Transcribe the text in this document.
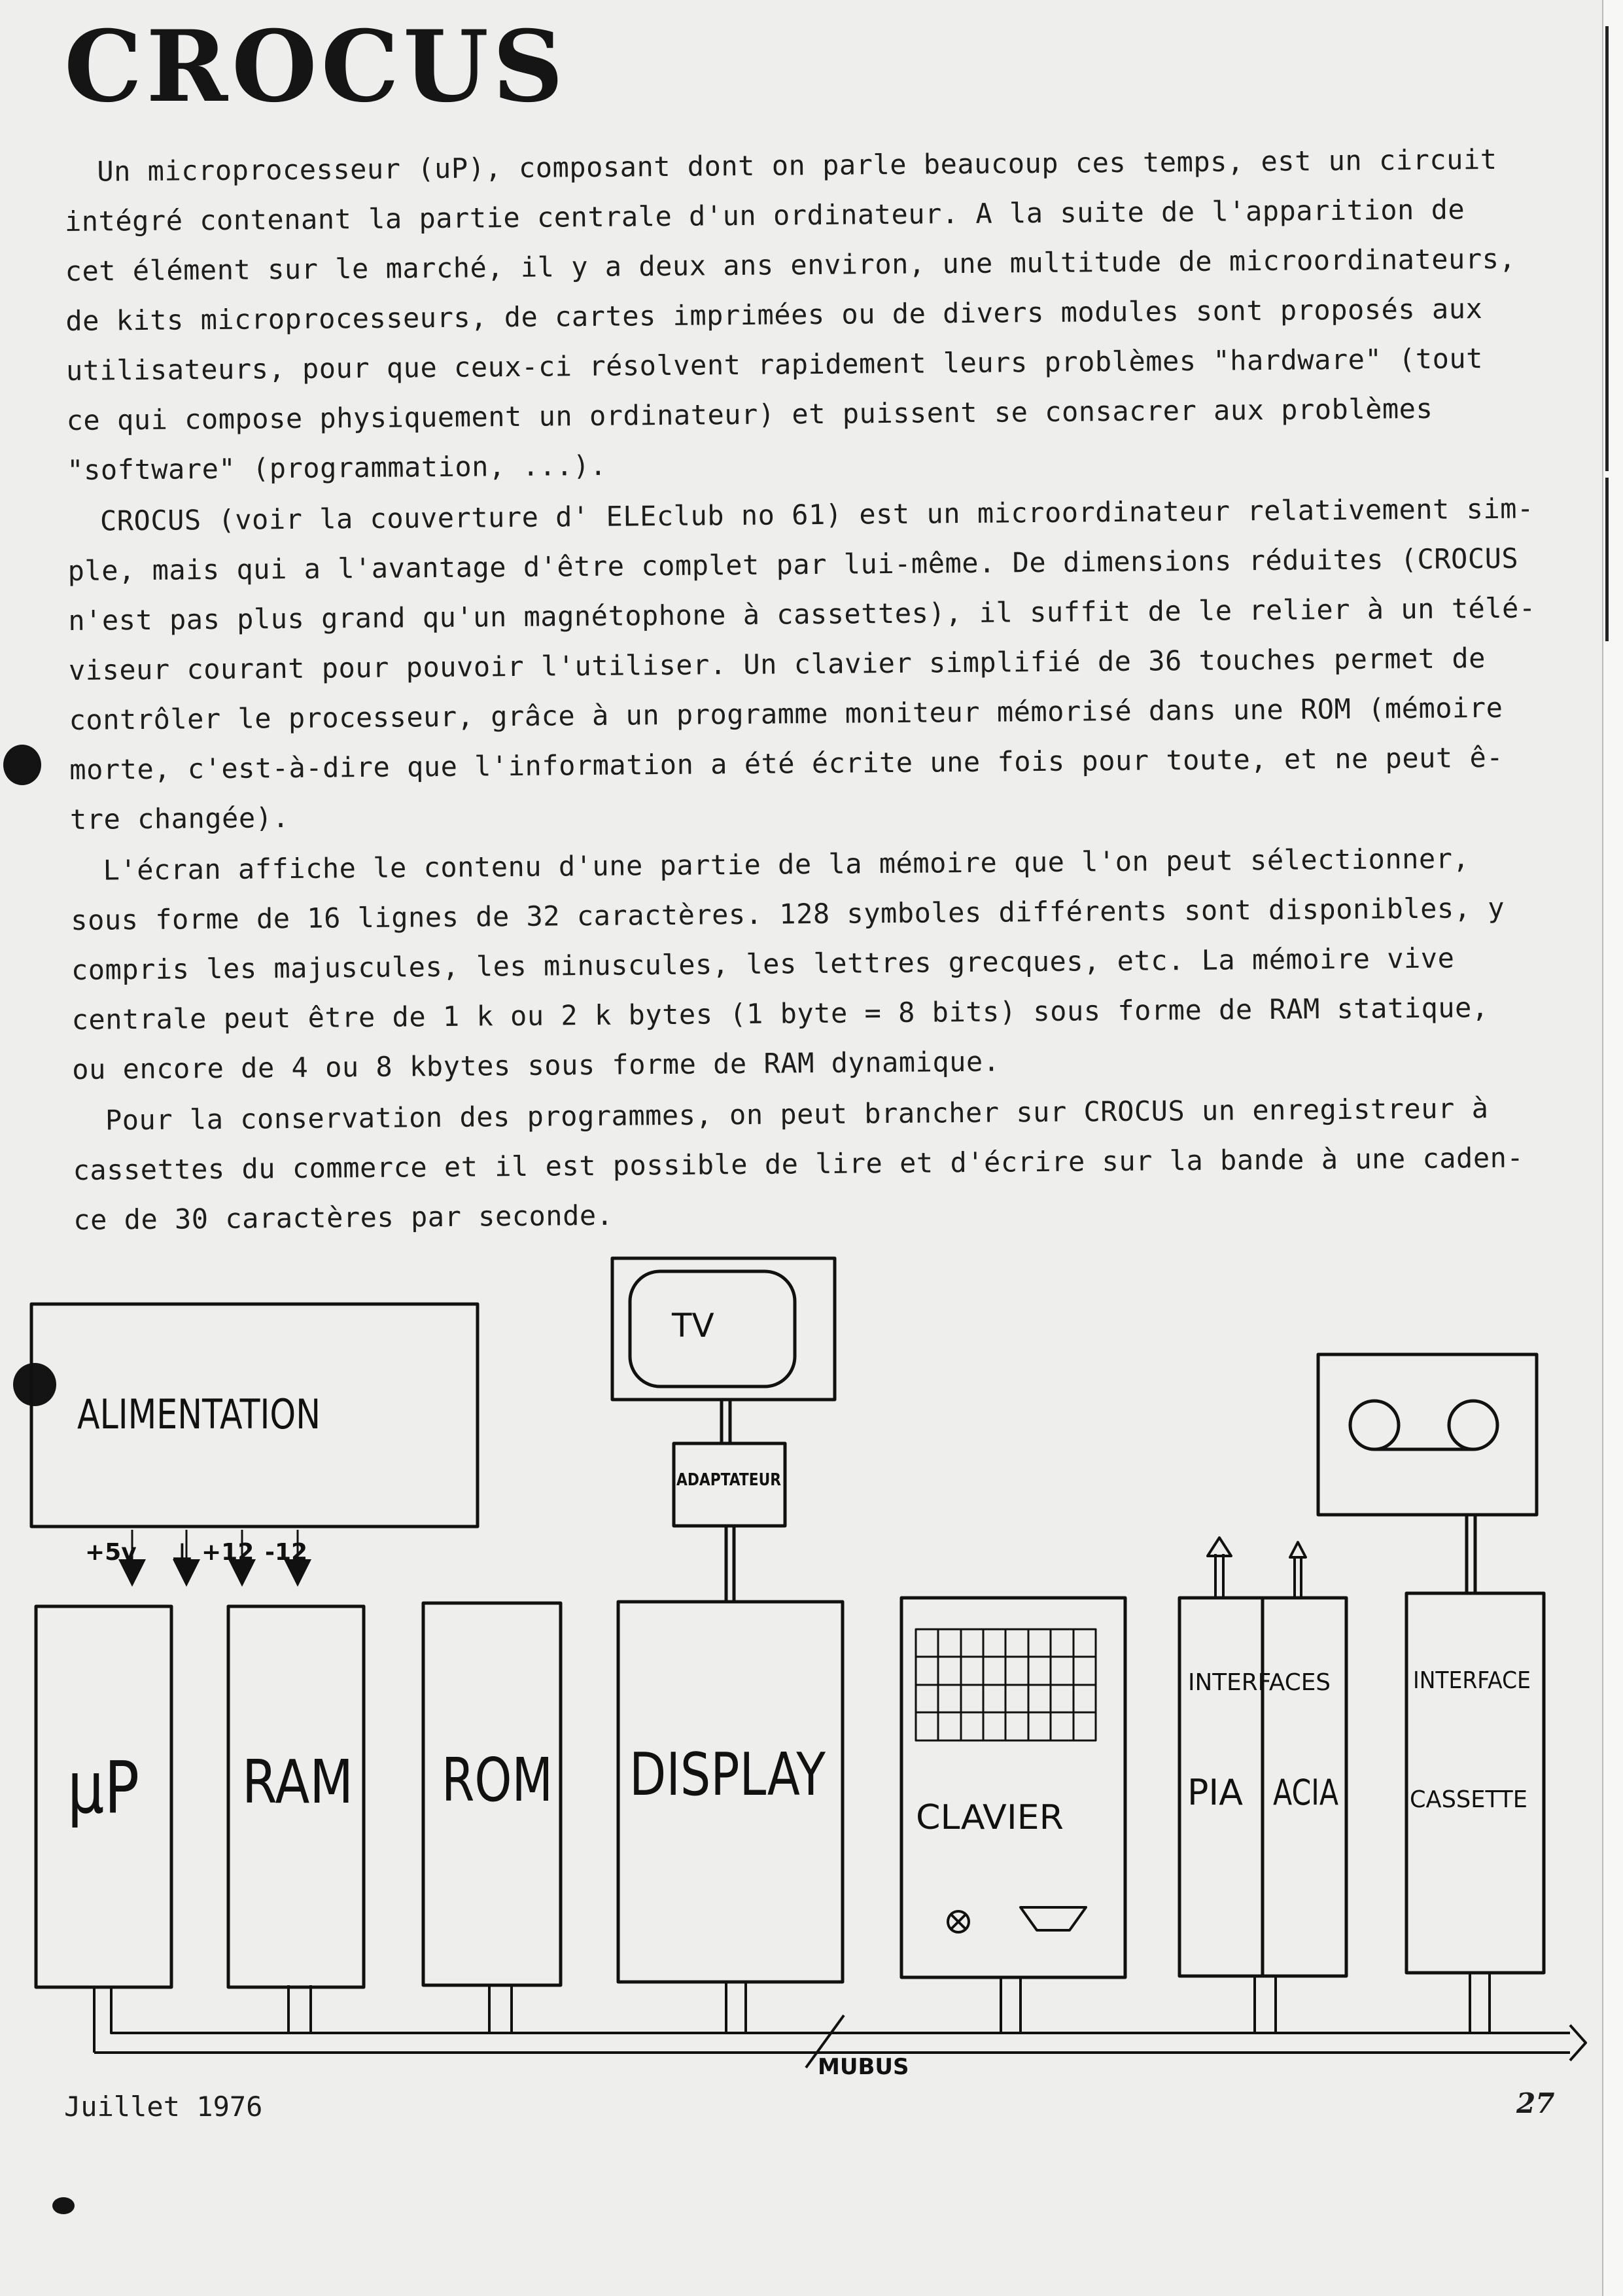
CROCUS
Un microprocesseur (uP), composant dont on parle beaucoup ces temps, est un circuit
intégré contenant la partie centrale d'un ordinateur. A la suite de l'apparition de
cet élément sur le marché, il y a deux ans environ, une multitude de microordinateurs,
de kits microprocesseurs, de cartes imprimées ou de divers modules sont proposés aux
utilisateurs, pour que ceux-ci résolvent rapidement leurs problèmes "hardware" (tout
ce qui compose physiquement un ordinateur) et puissent se consacrer aux problèmes
"software" (programmation, ...).
CROCUS (voir la couverture d' ELEclub no 61) est un microordinateur relativement sim-
ple, mais qui a l'avantage d'être complet par lui-même. De dimensions réduites (CROCUS
n'est pas plus grand qu'un magnétophone à cassettes), il suffit de le relier à un télé-
viseur courant pour pouvoir l'utiliser. Un clavier simplifié de 36 touches permet de
contrôler le processeur, grâce à un programme moniteur mémorisé dans une ROM (mémoire
morte, c'est-à-dire que l'information a été écrite une fois pour toute, et ne peut ê-
tre changée).
L'écran affiche le contenu d'une partie de la mémoire que l'on peut sélectionner,
sous forme de 16 lignes de 32 caractères. 128 symboles différents sont disponibles, y
compris les majuscules, les minuscules, les lettres grecques, etc. La mémoire vive
centrale peut être de 1 k ou 2 k bytes (1 byte = 8 bits) sous forme de RAM statique,
ou encore de 4 ou 8 kbytes sous forme de RAM dynamique.
Pour la conservation des programmes, on peut brancher sur CROCUS un enregistreur à
cassettes du commerce et il est possible de lire et d'écrire sur la bande à une caden-
ce de 30 caractères par seconde.
ALIMENTATION
+5v ⊥ +12 -12
TV
ADAPTATEUR
µP RAM ROM DISPLAY
CLAVIER
INTERFACES
PIA ACIA
INTERFACE
CASSETTE
MUBUS
Juillet 1976	27
